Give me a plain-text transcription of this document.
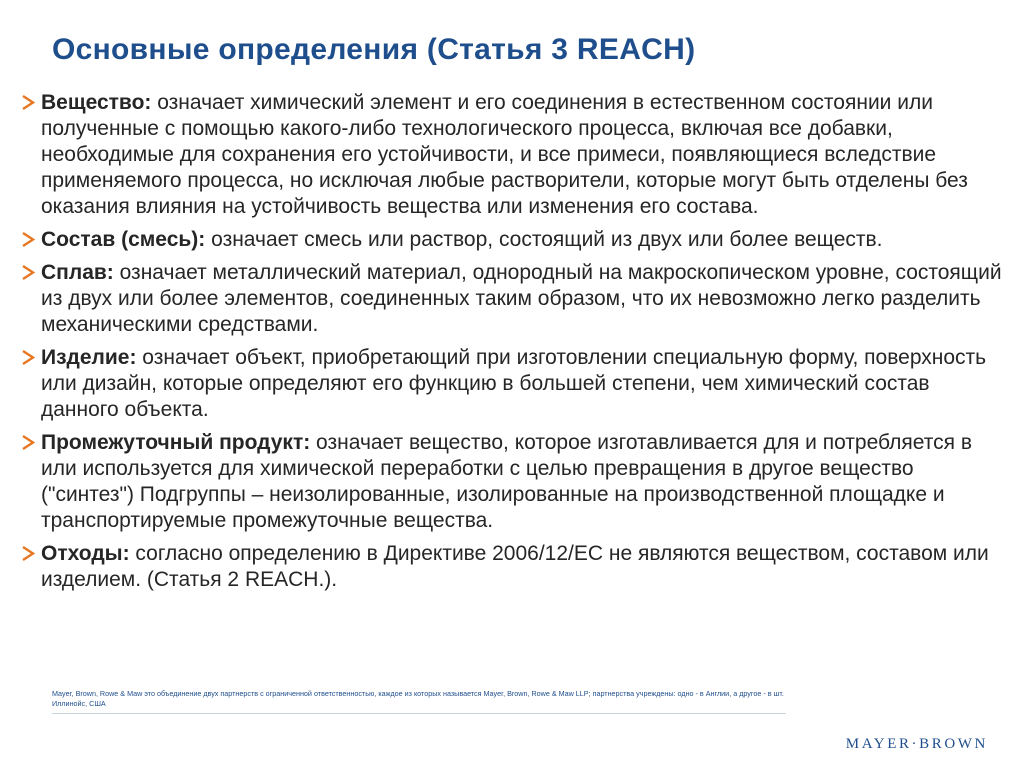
Основные определения (Статья 3 REACH)
Вещество: означает химический элемент и его соединения в естественном состоянии или полученные с помощью какого-либо технологического процесса, включая все добавки, необходимые для сохранения его устойчивости, и все примеси, появляющиеся вследствие применяемого процесса, но исключая любые растворители, которые могут быть отделены без оказания влияния на устойчивость вещества или изменения его состава.
Состав (смесь): означает смесь или раствор, состоящий из двух или более веществ.
Сплав: означает металлический материал, однородный на макроскопическом уровне, состоящий из двух или более элементов, соединенных таким образом, что их невозможно легко разделить механическими средствами.
Изделие: означает объект, приобретающий при изготовлении специальную форму, поверхность или дизайн, которые определяют его функцию в большей степени, чем химический состав данного объекта.
Промежуточный продукт: означает вещество, которое изготавливается для и потребляется в или используется для химической переработки с целью превращения в другое вещество ("синтез") Подгруппы – неизолированные, изолированные на производственной площадке и транспортируемые промежуточные вещества.
Отходы: согласно определению в Директиве 2006/12/EC не являются веществом, составом или изделием. (Статья 2 REACH.).
Mayer, Brown, Rowe & Maw это объединение двух партнерств с ограниченной ответственностью, каждое из которых называется Mayer, Brown, Rowe & Maw LLP; партнерства учреждены: одно - в Англии, а другое - в шт. Иллинойс, США
MAYER·BROWN
